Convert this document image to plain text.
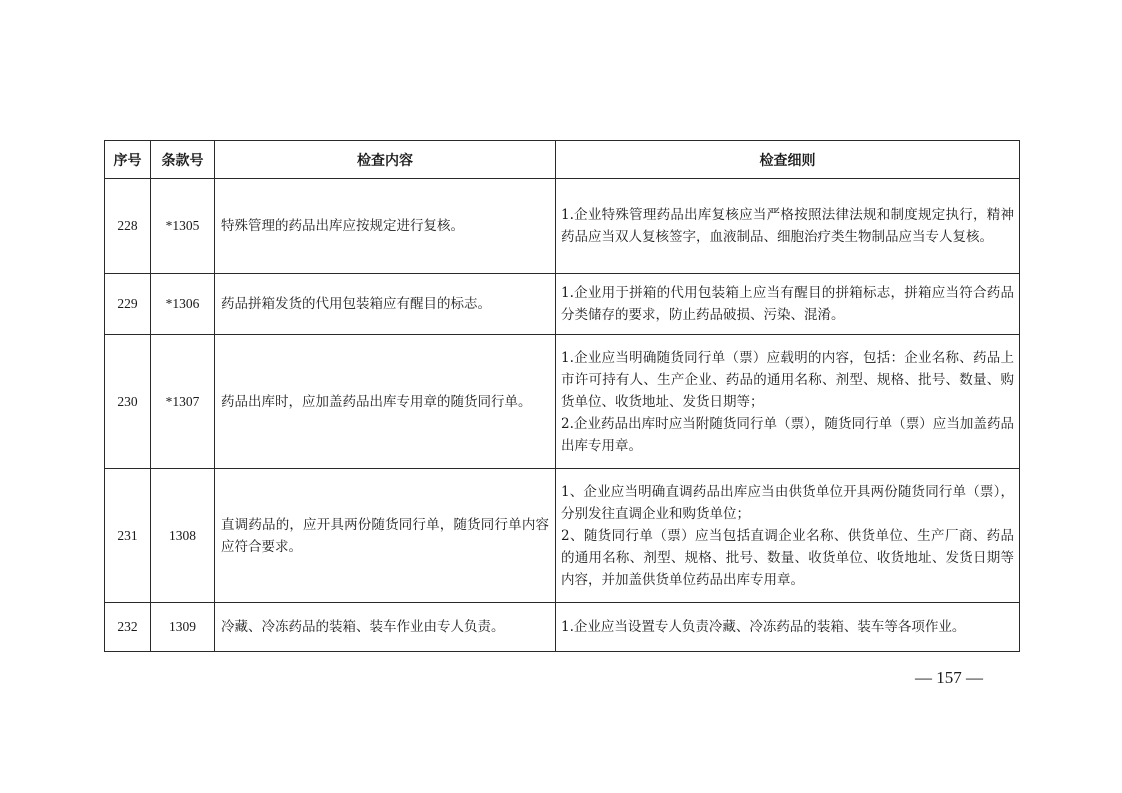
序号	条款号	检查内容	检查细则
228	*1305	特殊管理的药品出库应按规定进行复核。	1.企业特殊管理药品出库复核应当严格按照法律法规和制度规定执行，精神药品应当双人复核签字，血液制品、细胞治疗类生物制品应当专人复核。

229	*1306	药品拼箱发货的代用包装箱应有醒目的标志。	1.企业用于拼箱的代用包装箱上应当有醒目的拼箱标志，拼箱应当符合药品分类储存的要求，防止药品破损、污染、混淆。

230	*1307	药品出库时，应加盖药品出库专用章的随货同行单。	1.企业应当明确随货同行单（票）应载明的内容，包括：企业名称、药品上市许可持有人、生产企业、药品的通用名称、剂型、规格、批号、数量、购货单位、收货地址、发货日期等；
2.企业药品出库时应当附随货同行单（票），随货同行单（票）应当加盖药品出库专用章。

231	1308	直调药品的，应开具两份随货同行单，随货同行单内容应符合要求。	1、企业应当明确直调药品出库应当由供货单位开具两份随货同行单（票），分别发往直调企业和购货单位；
2、随货同行单（票）应当包括直调企业名称、供货单位、生产厂商、药品的通用名称、剂型、规格、批号、数量、收货单位、收货地址、发货日期等内容，并加盖供货单位药品出库专用章。

232	1309	冷藏、冷冻药品的装箱、装车作业由专人负责。	1.企业应当设置专人负责冷藏、冷冻药品的装箱、装车等各项作业。
— 157 —
